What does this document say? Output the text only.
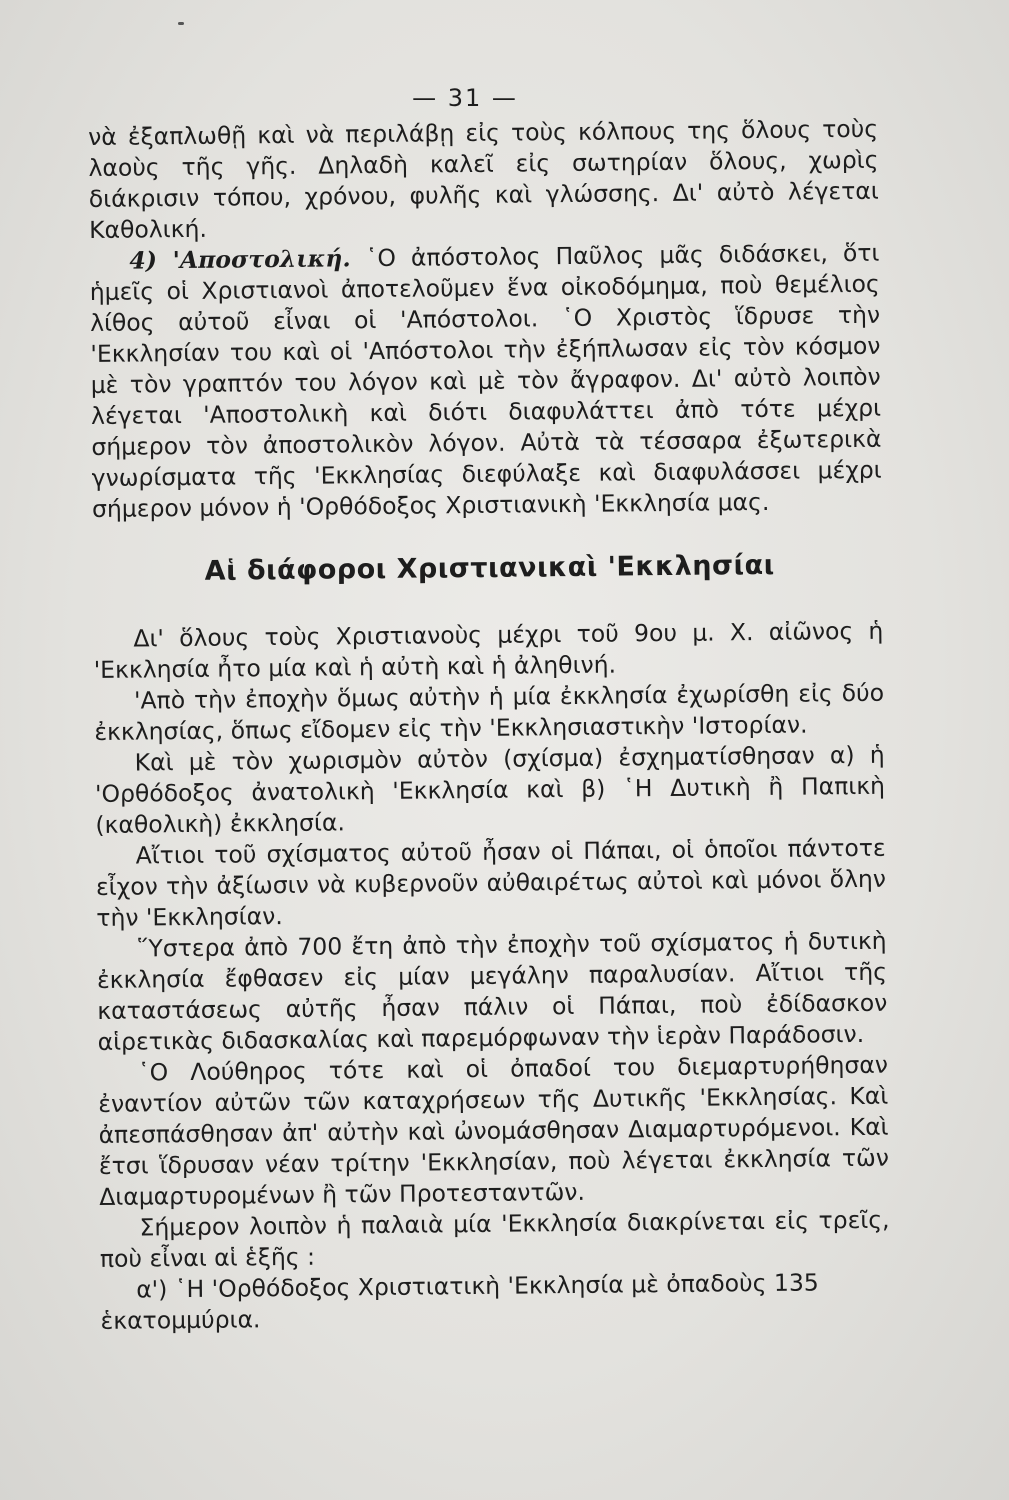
— 31 —

νὰ ἐξαπλωθῇ καὶ νὰ περιλάβῃ εἰς τοὺς κόλπους της ὅλους τοὺς λαοὺς τῆς γῆς. Δηλαδὴ καλεῖ εἰς σωτηρίαν ὅλους, χωρὶς διάκρισιν τόπου, χρόνου, φυλῆς καὶ γλώσσης. Δι' αὐτὸ λέγεται Καθολική.

4) 'Αποστολική. ῾Ο ἀπόστολος Παῦλος μᾶς διδάσκει, ὅτι ἡμεῖς οἱ Χριστιανοὶ ἀποτελοῦμεν ἕνα οἰκοδόμημα, ποὺ θεμέλιος λίθος αὐτοῦ εἶναι οἱ 'Απόστολοι. ῾Ο Χριστὸς ἵδρυσε τὴν 'Εκκλησίαν του καὶ οἱ 'Απόστολοι τὴν ἐξήπλωσαν εἰς τὸν κόσμον μὲ τὸν γραπτόν του λόγον καὶ μὲ τὸν ἄγραφον. Δι' αὐτὸ λοιπὸν λέγεται 'Αποστολικὴ καὶ διότι διαφυλάττει ἀπὸ τότε μέχρι σήμερον τὸν ἀποστολικὸν λόγον. Αὐτὰ τὰ τέσσαρα ἐξωτερικὰ γνωρίσματα τῆς 'Εκκλησίας διεφύλαξε καὶ διαφυλάσσει μέχρι σήμερον μόνον ἡ 'Ορθόδοξος Χριστιανικὴ 'Εκκλησία μας.

Αἱ διάφοροι Χριστιανικαὶ 'Εκκλησίαι

Δι' ὅλους τοὺς Χριστιανοὺς μέχρι τοῦ 9ου μ. Χ. αἰῶνος ἡ 'Εκκλησία ἦτο μία καὶ ἡ αὐτὴ καὶ ἡ ἀληθινή.

'Απὸ τὴν ἐποχὴν ὅμως αὐτὴν ἡ μία ἐκκλησία ἐχωρίσθη εἰς δύο ἐκκλησίας, ὅπως εἴδομεν εἰς τὴν 'Εκκλησιαστικὴν 'Ιστορίαν.

Καὶ μὲ τὸν χωρισμὸν αὐτὸν (σχίσμα) ἐσχηματίσθησαν α) ἡ 'Ορθόδοξος ἀνατολικὴ 'Εκκλησία καὶ β) ῾Η Δυτικὴ ἢ Παπικὴ (καθολικὴ) ἐκκλησία.

Αἴτιοι τοῦ σχίσματος αὐτοῦ ἦσαν οἱ Πάπαι, οἱ ὁποῖοι πάντοτε εἶχον τὴν ἀξίωσιν νὰ κυβερνοῦν αὐθαιρέτως αὐτοὶ καὶ μόνοι ὅλην τὴν 'Εκκλησίαν.

῞Υστερα ἀπὸ 700 ἔτη ἀπὸ τὴν ἐποχὴν τοῦ σχίσματος ἡ δυτικὴ ἐκκλησία ἔφθασεν εἰς μίαν μεγάλην παραλυσίαν. Αἴτιοι τῆς καταστάσεως αὐτῆς ἦσαν πάλιν οἱ Πάπαι, ποὺ ἐδίδασκον αἱρετικὰς διδασκαλίας καὶ παρεμόρφωναν τὴν ἱερὰν Παράδοσιν.

῾Ο Λούθηρος τότε καὶ οἱ ὀπαδοί του διεμαρτυρήθησαν ἐναντίον αὐτῶν τῶν καταχρήσεων τῆς Δυτικῆς 'Εκκλησίας. Καὶ ἀπεσπάσθησαν ἀπ' αὐτὴν καὶ ὠνομάσθησαν Διαμαρτυρόμενοι. Καὶ ἔτσι ἵδρυσαν νέαν τρίτην 'Εκκλησίαν, ποὺ λέγεται ἐκκλησία τῶν Διαμαρτυρομένων ἢ τῶν Προτεσταντῶν.

Σήμερον λοιπὸν ἡ παλαιὰ μία 'Εκκλησία διακρίνεται εἰς τρεῖς, ποὺ εἶναι αἱ ἑξῆς :

α') ῾Η 'Ορθόδοξος Χριστιατικὴ 'Εκκλησία μὲ ὀπαδοὺς 135 ἑκατομμύρια.
